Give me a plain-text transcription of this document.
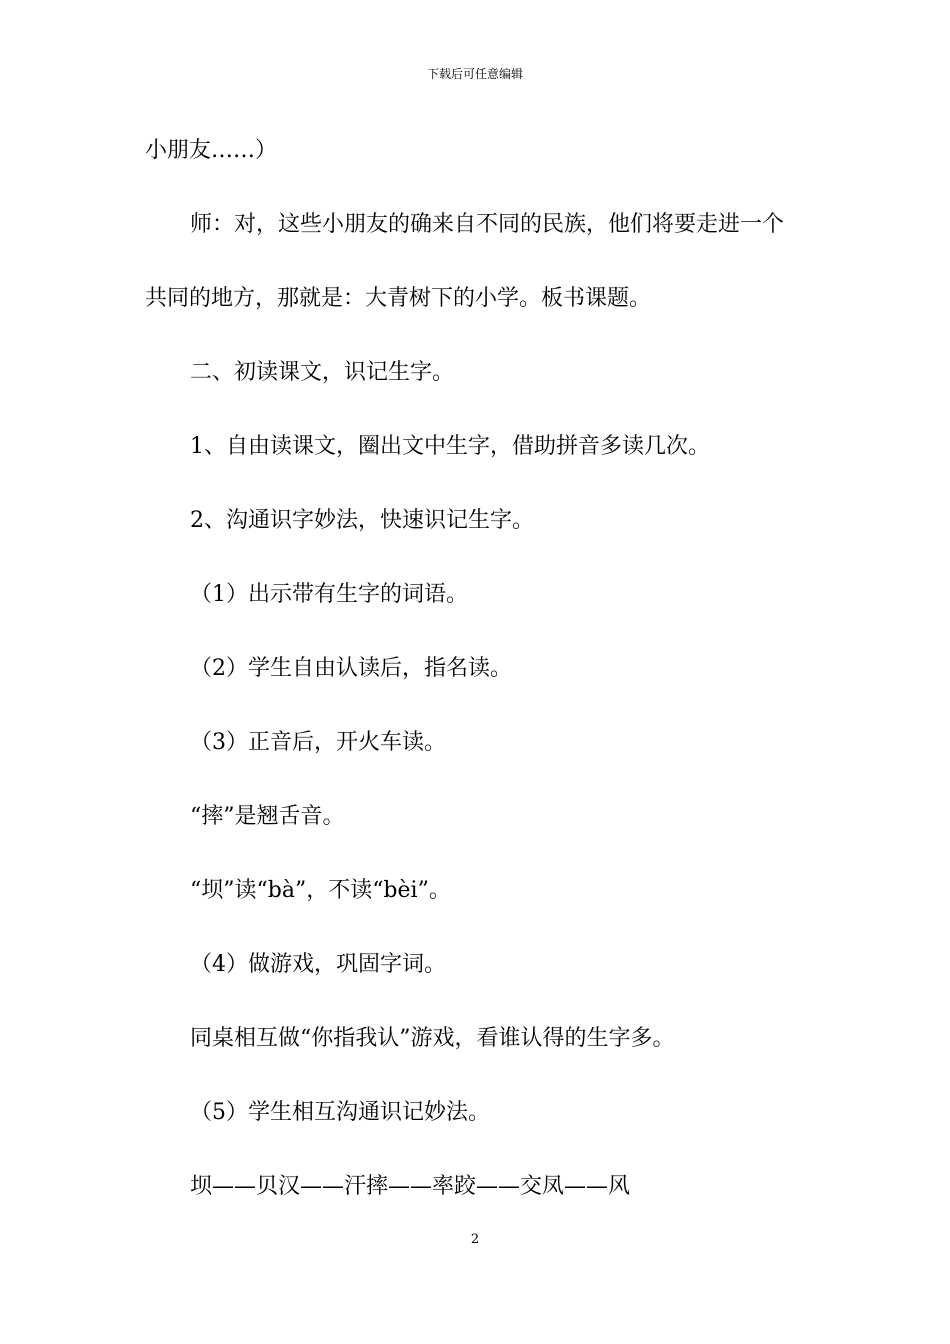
下载后可任意编辑
小朋友……）
师：对，这些小朋友的确来自不同的民族，他们将要走进一个
共同的地方，那就是：大青树下的小学。板书课题。
二、初读课文，识记生字。
1、自由读课文，圈出文中生字，借助拼音多读几次。
2、沟通识字妙法，快速识记生字。
（1）出示带有生字的词语。
（2）学生自由认读后，指名读。
（3）正音后，开火车读。
“摔”是翘舌音。
“坝”读“bà”，不读“bèi”。
（4）做游戏，巩固字词。
同桌相互做“你指我认”游戏，看谁认得的生字多。
（5）学生相互沟通识记妙法。
坝——贝汉——汗摔——率跤——交凤——风
2
